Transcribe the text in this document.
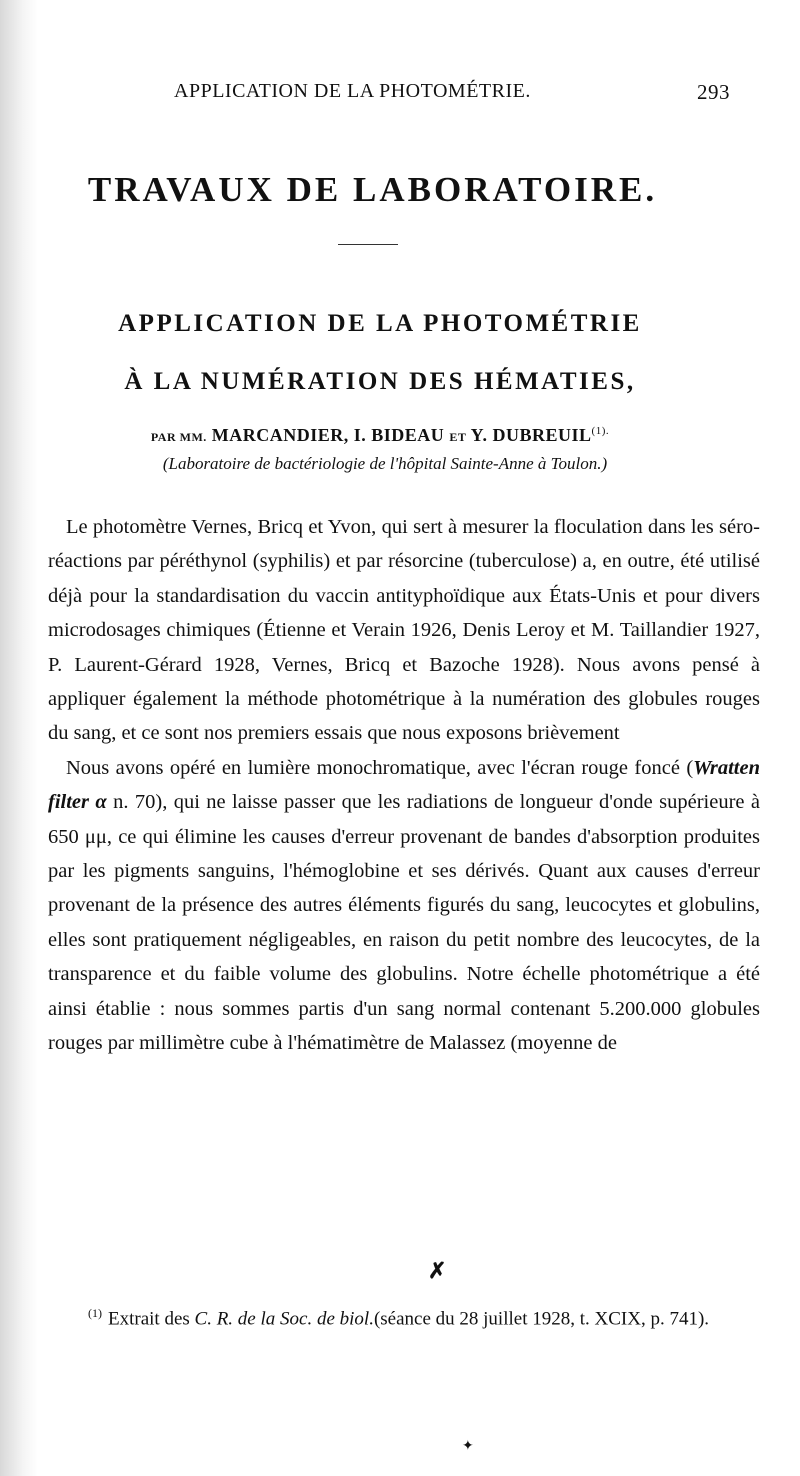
APPLICATION DE LA PHOTOMÉTRIE.	293
TRAVAUX DE LABORATOIRE.
APPLICATION DE LA PHOTOMÉTRIE
À LA NUMÉRATION DES HÉMATIES,
PAR MM. MARCANDIER, I. BIDEAU ET Y. $DUBREUIL^{(1).}$
(Laboratoire de bactériologie de l'hôpital Sainte-Anne à Toulon.)

Le photomètre Vernes, Bricq et Yvon, qui sert à mesurer la floculation dans les séro-réactions par péréthynol (syphilis) et par résorcine (tuberculose) a, en outre, été utilisé déjà pour la standardisation du vaccin antityphoïdique aux États-Unis et pour divers microdosages chimiques (Étienne et Verain 1926, Denis Leroy et M. Taillandier 1927, P. Laurent-Gérard 1928, Vernes, Bricq et Bazoche 1928). Nous avons pensé à appliquer également la méthode photométrique à la numération des globules rouges du sang, et ce sont nos premiers essais que nous exposons brièvement

Nous avons opéré en lumière monochromatique, avec l'écran rouge foncé (Wratten filter α n. 70), qui ne laisse passer que les radiations de longueur d'onde supérieure à 650 μμ, ce qui élimine les causes d'erreur provenant de bandes d'absorption produites par les pigments sanguins, l'hémoglobine et ses dérivés. Quant aux causes d'erreur provenant de la présence des autres éléments figurés du sang, leucocytes et globulins, elles sont pratiquement négligeables, en raison du petit nombre des leucocytes, de la transparence et du faible volume des globulins. Notre échelle photométrique a été ainsi établie : nous sommes partis d'un sang normal contenant 5.200.000 globules rouges par millimètre cube à l'hématimètre de Malassez (moyenne de

✗
$^{(1)}$ Extrait des C. R. de la Soc. de biol.(séance du 28 juillet 1928, t. XCIX, p. 741).
✦
